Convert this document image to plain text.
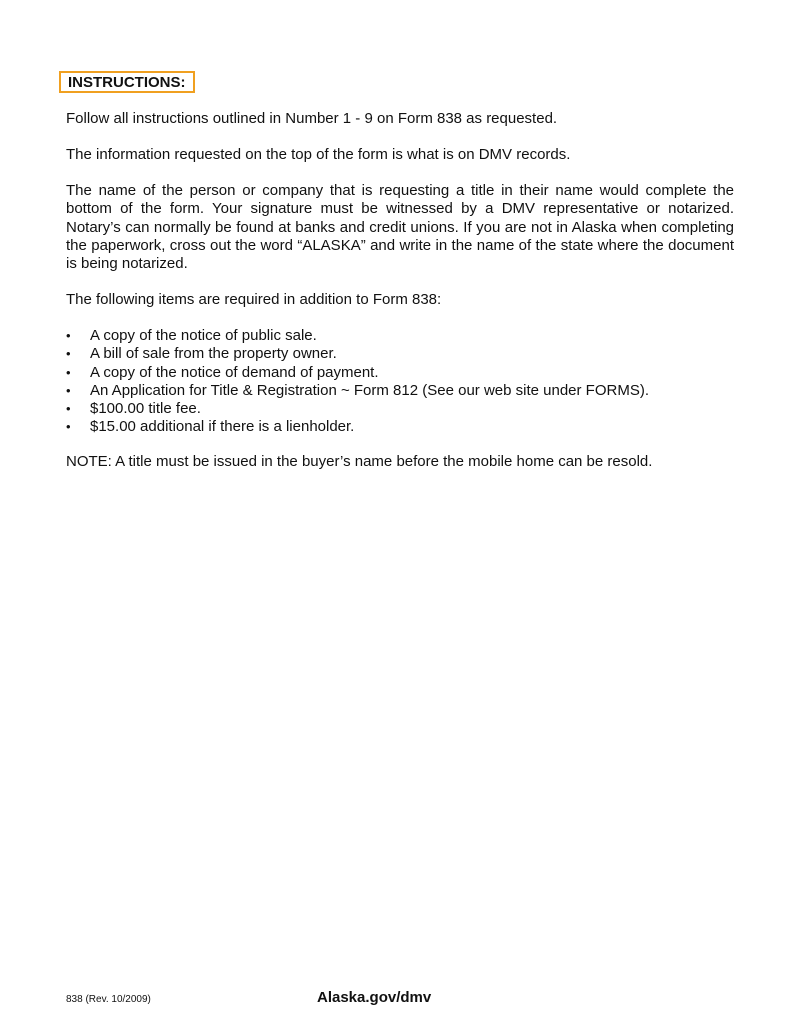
INSTRUCTIONS:

Follow all instructions outlined in Number 1 - 9 on Form 838 as requested.

The information requested on the top of the form is what is on DMV records.

The name of the person or company that is requesting a title in their name would complete the bottom of the form. Your signature must be witnessed by a DMV representative or notarized. Notary’s can normally be found at banks and credit unions. If you are not in Alaska when completing the paperwork, cross out the word “ALASKA” and write in the name of the state where the document is being notarized.

The following items are required in addition to Form 838:

• A copy of the notice of public sale.
• A bill of sale from the property owner.
• A copy of the notice of demand of payment.
• An Application for Title & Registration ~ Form 812 (See our web site under FORMS).
• $100.00 title fee.
• $15.00 additional if there is a lienholder.

NOTE: A title must be issued in the buyer’s name before the mobile home can be resold.

838 (Rev. 10/2009)	Alaska.gov/dmv
